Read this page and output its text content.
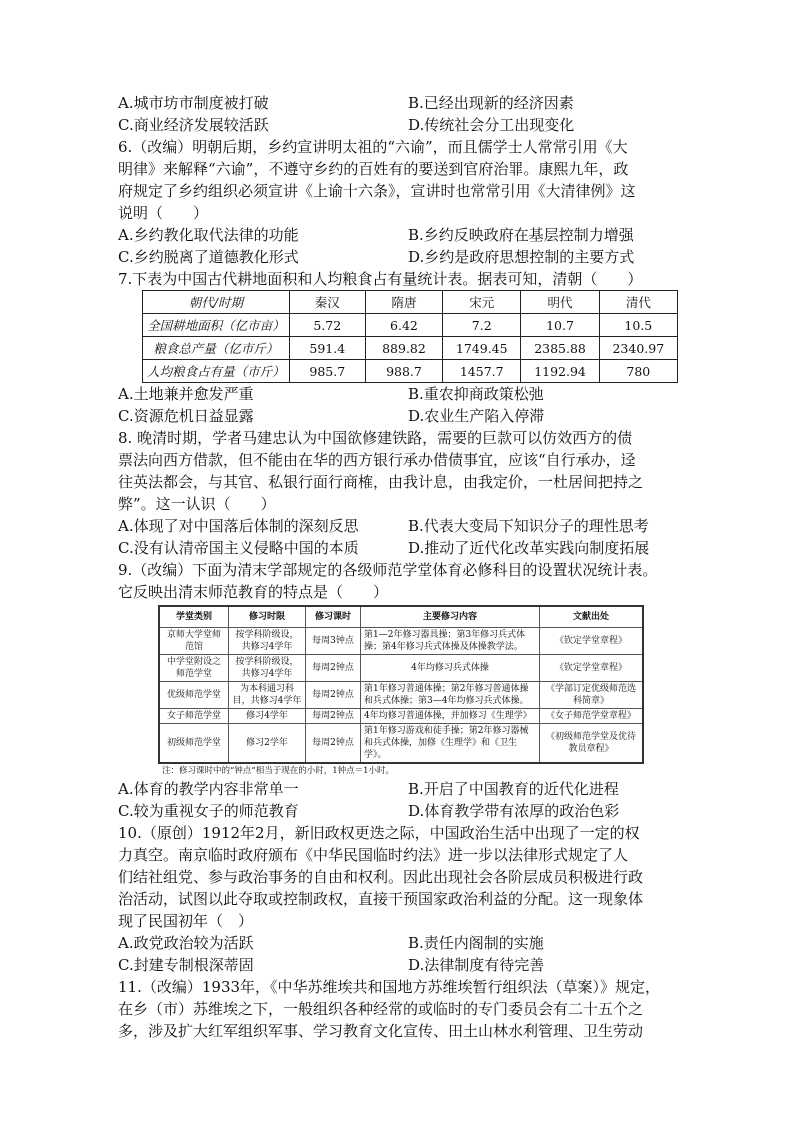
A.城市坊市制度被打破	B.已经出现新的经济因素
C.商业经济发展较活跃	D.传统社会分工出现变化
6.（改编）明朝后期，乡约宣讲明太祖的“六谕”，而且儒学士人常常引用《大
明律》来解释“六谕”，不遵守乡约的百姓有的要送到官府治罪。康熙九年，政
府规定了乡约组织必须宣讲《上谕十六条》，宣讲时也常常引用《大清律例》这
说明（　　）
A.乡约教化取代法律的功能	B.乡约反映政府在基层控制力增强
C.乡约脱离了道德教化形式	D.乡约是政府思想控制的主要方式
7.下表为中国古代耕地面积和人均粮食占有量统计表。据表可知，清朝（　　）
朝代/时期	秦汉	隋唐	宋元	明代	清代
全国耕地面积（亿市亩）	5.72	6.42	7.2	10.7	10.5
粮食总产量（亿市斤）	591.4	889.82	1749.45	2385.88	2340.97
人均粮食占有量（市斤）	985.7	988.7	1457.7	1192.94	780
A.土地兼并愈发严重	B.重农抑商政策松弛
C.资源危机日益显露	D.农业生产陷入停滞
8. 晚清时期，学者马建忠认为中国欲修建铁路，需要的巨款可以仿效西方的债
票法向西方借款，但不能由在华的西方银行承办借债事宜，应该“自行承办，迳
往英法都会，与其官、私银行面行商榷，由我计息，由我定价，一杜居间把持之
弊”。这一认识（　　）
A.体现了对中国落后体制的深刻反思	B.代表大变局下知识分子的理性思考
C.没有认清帝国主义侵略中国的本质	D.推动了近代化改革实践向制度拓展
9.（改编）下面为清末学部规定的各级师范学堂体育必修科目的设置状况统计表。
它反映出清末师范教育的特点是（　　）
学堂类别	修习时限	修习课时	主要修习内容	文献出处
京师大学堂师范馆	按学科阶级设，共修习4学年	每周3钟点	第1—2年修习器具操；第3年修习兵式体操；第4年修习兵式体操及体操教学法。	《钦定学堂章程》
中学堂附设之师范学堂	按学科阶级设，共修习4学年	每周2钟点	4年均修习兵式体操	《钦定学堂章程》
优级师范学堂	为本科通习科目，共修习4学年	每周2钟点	第1年修习普通体操；第2年修习普通体操和兵式体操；第3—4年均修习兵式体操。	《学部订定优级师范选科简章》
女子师范学堂	修习4学年	每周2钟点	4年均修习普通体操，并加修习《生理学》	《女子师范学堂章程》
初级师范学堂	修习2学年	每周2钟点	第1年修习游戏和徒手操；第2年修习器械和兵式体操，加修《生理学》和《卫生学》。	《初级师范学堂及优待教员章程》
注：修习课时中的“钟点”相当于现在的小时，1钟点＝1小时。
A.体育的教学内容非常单一	B.开启了中国教育的近代化进程
C.较为重视女子的师范教育	D.体育教学带有浓厚的政治色彩
10.（原创）1912年2月，新旧政权更迭之际，中国政治生活中出现了一定的权
力真空。南京临时政府颁布《中华民国临时约法》进一步以法律形式规定了人
们结社组党、参与政治事务的自由和权利。因此出现社会各阶层成员积极进行政
治活动，试图以此夺取或控制政权，直接干预国家政治利益的分配。这一现象体
现了民国初年（　）
A.政党政治较为活跃	B.责任内阁制的实施
C.封建专制根深蒂固	D.法律制度有待完善
11.（改编）1933年，《中华苏维埃共和国地方苏维埃暂行组织法（草案）》规定，
在乡（市）苏维埃之下，一般组织各种经常的或临时的专门委员会有二十五个之
多，涉及扩大红军组织军事、学习教育文化宣传、田土山林水利管理、卫生劳动
